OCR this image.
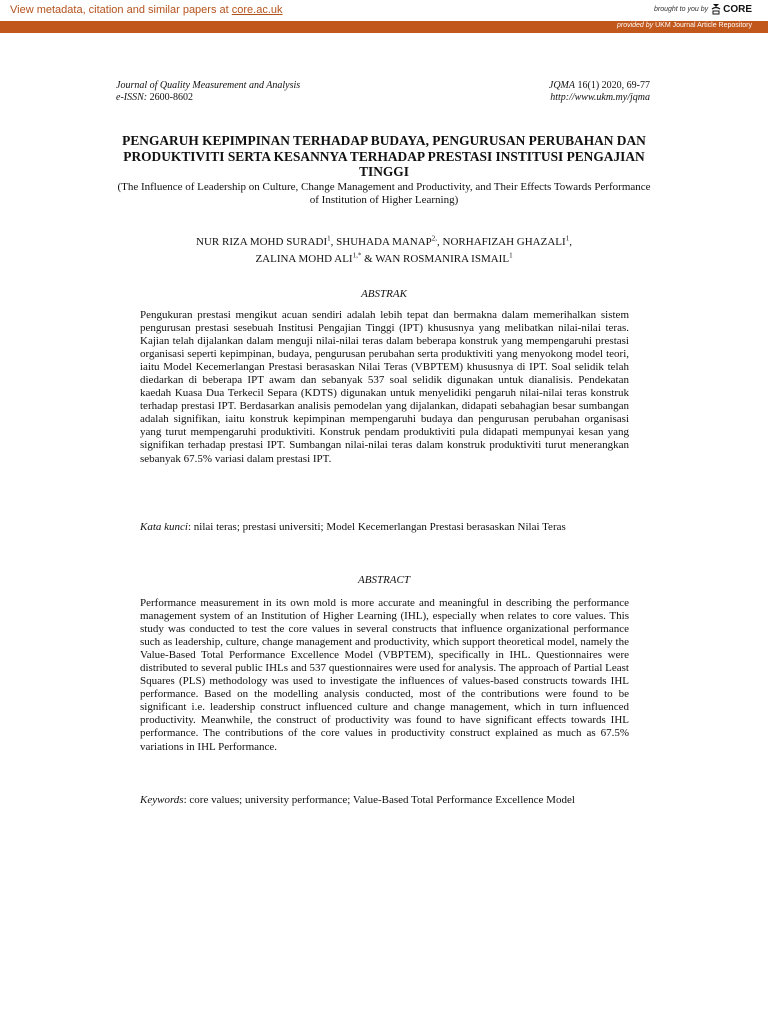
View metadata, citation and similar papers at core.ac.uk	brought to you by CORE
provided by UKM Journal Article Repository
Journal of Quality Measurement and Analysis
e-ISSN: 2600-8602
JQMA 16(1) 2020, 69-77
http://www.ukm.my/jqma
PENGARUH KEPIMPINAN TERHADAP BUDAYA, PENGURUSAN PERUBAHAN DAN PRODUKTIVITI SERTA KESANNYA TERHADAP PRESTASI INSTITUSI PENGAJIAN TINGGI
(The Influence of Leadership on Culture, Change Management and Productivity, and Their Effects Towards Performance of Institution of Higher Learning)
NUR RIZA MOHD SURADI$^1$, SHUHADA $MANAP^{2,}$, NORHAFIZAH GHAZALI$^1$,
ZALINA MOHD $ALI^{1,*}$ & WAN ROSMANIRA ISMAIL$^1$
ABSTRAK
Pengukuran prestasi mengikut acuan sendiri adalah lebih tepat dan bermakna dalam memerihalkan sistem pengurusan prestasi sesebuah Institusi Pengajian Tinggi (IPT) khususnya yang melibatkan nilai-nilai teras. Kajian telah dijalankan dalam menguji nilai-nilai teras dalam beberapa konstruk yang mempengaruhi prestasi organisasi seperti kepimpinan, budaya, pengurusan perubahan serta produktiviti yang menyokong model teori, iaitu Model Kecemerlangan Prestasi berasaskan Nilai Teras (VBPTEM) khususnya di IPT. Soal selidik telah diedarkan di beberapa IPT awam dan sebanyak 537 soal selidik digunakan untuk dianalisis. Pendekatan kaedah Kuasa Dua Terkecil Separa (KDTS) digunakan untuk menyelidiki pengaruh nilai-nilai teras konstruk terhadap prestasi IPT. Berdasarkan analisis pemodelan yang dijalankan, didapati sebahagian besar sumbangan adalah signifikan, iaitu konstruk kepimpinan mempengaruhi budaya dan pengurusan perubahan organisasi yang turut mempengaruhi produktiviti. Konstruk pendam produktiviti pula didapati mempunyai kesan yang signifikan terhadap prestasi IPT. Sumbangan nilai-nilai teras dalam konstruk produktiviti turut menerangkan sebanyak 67.5% variasi dalam prestasi IPT.
Kata kunci: nilai teras; prestasi universiti; Model Kecemerlangan Prestasi berasaskan Nilai Teras
ABSTRACT
Performance measurement in its own mold is more accurate and meaningful in describing the performance management system of an Institution of Higher Learning (IHL), especially when relates to core values. This study was conducted to test the core values in several constructs that influence organizational performance such as leadership, culture, change management and productivity, which support theoretical model, namely the Value-Based Total Performance Excellence Model (VBPTEM), specifically in IHL. Questionnaires were distributed to several public IHLs and 537 questionnaires were used for analysis. The approach of Partial Least Squares (PLS) methodology was used to investigate the influences of values-based constructs towards IHL performance. Based on the modelling analysis conducted, most of the contributions were found to be significant i.e. leadership construct influenced culture and change management, which in turn influenced productivity. Meanwhile, the construct of productivity was found to have significant effects towards IHL performance. The contributions of the core values in productivity construct explained as much as 67.5% variations in IHL Performance.
Keywords: core values; university performance; Value-Based Total Performance Excellence Model
